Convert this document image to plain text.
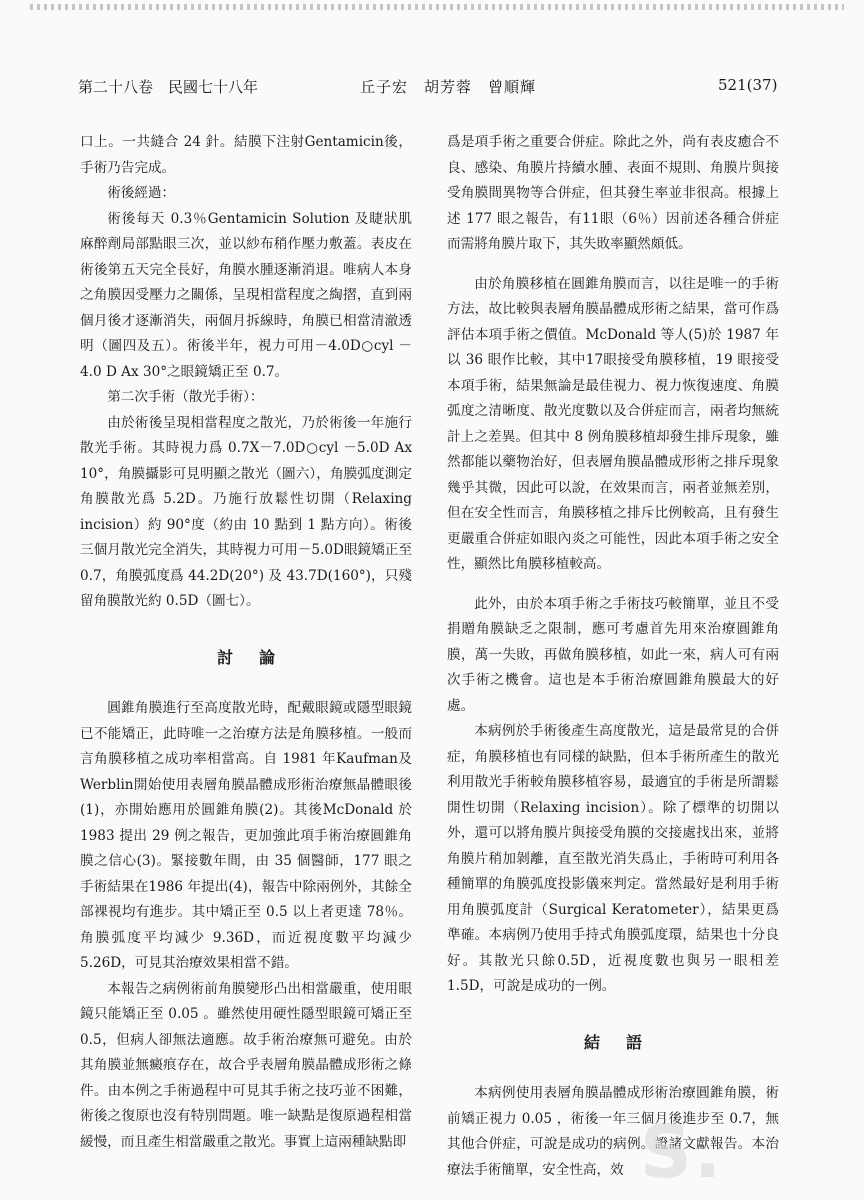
第二十八卷　民國七十八年	丘子宏　胡芳蓉　曾順輝	521(37)

口上。一共縫合 24 針。結膜下注射Gentamicin後，手術乃告完成。

術後經過：

術後每天 0.3％Gentamicin Solution 及睫狀肌麻醉劑局部點眼三次，並以紗布稍作壓力敷蓋。表皮在術後第五天完全長好，角膜水腫逐漸消退。唯病人本身之角膜因受壓力之關係，呈現相當程度之綯摺，直到兩個月後才逐漸消失，兩個月拆線時，角膜已相當清澈透明（圖四及五）。術後半年，視力可用－4.0D○cyl －4.0 D Ax 30°之眼鏡矯正至 0.7。

第二次手術（散光手術）：

由於術後呈現相當程度之散光，乃於術後一年施行散光手術。其時視力爲 0.7X－7.0D○cyl －5.0D Ax 10°，角膜攝影可見明顯之散光（圖六），角膜弧度測定角膜散光爲 5.2D。乃施行放鬆性切開（Relaxing incision）約 90°度（約由 10 點到 1 點方向）。術後三個月散光完全消失，其時視力可用－5.0D眼鏡矯正至 0.7，角膜弧度爲 44.2D(20°) 及 43.7D(160°)，只殘留角膜散光約 0.5D（圖七）。

討論

圓錐角膜進行至高度散光時，配戴眼鏡或隱型眼鏡已不能矯正，此時唯一之治療方法是角膜移植。一般而言角膜移植之成功率相當高。自 1981 年Kaufman及Werblin開始使用表層角膜晶體成形術治療無晶體眼後(1)，亦開始應用於圓錐角膜(2)。其後McDonald 於 1983 提出 29 例之報告，更加強此項手術治療圓錐角膜之信心(3)。緊接數年間，由 35 個醫師，177 眼之手術結果在1986 年提出(4)，報告中除兩例外，其餘全部裸視均有進步。其中矯正至 0.5 以上者更達 78％。角膜弧度平均減少 9.36D，而近視度數平均減少 5.26D，可見其治療效果相當不錯。

本報告之病例術前角膜變形凸出相當嚴重，使用眼鏡只能矯正至 0.05 。雖然使用硬性隱型眼鏡可矯正至 0.5，但病人卻無法適應。故手術治療無可避免。由於其角膜並無癜痕存在，故合乎表層角膜晶體成形術之條件。由本例之手術過程中可見其手術之技巧並不困難，術後之復原也沒有特別問題。唯一缺點是復原過程相當緩慢，而且產生相當嚴重之散光。事實上這兩種缺點即

爲是項手術之重要合併症。除此之外，尚有表皮癒合不良、感染、角膜片持續水腫、表面不規則、角膜片與接受角膜間異物等合併症，但其發生率並非很高。根據上述 177 眼之報告，有11眼（6％）因前述各種合併症而需將角膜片取下，其失敗率顯然頗低。

由於角膜移植在圓錐角膜而言，以往是唯一的手術方法，故比較與表層角膜晶體成形術之結果，當可作爲評估本項手術之價值。McDonald 等人(5)於 1987 年以 36 眼作比較，其中17眼接受角膜移植，19 眼接受本項手術，結果無論是最佳視力、視力恢復速度、角膜弧度之清晰度、散光度數以及合併症而言，兩者均無統計上之差異。但其中 8 例角膜移植却發生排斥現象，雖然都能以藥物治好，但表層角膜晶體成形術之排斥現象幾乎其微，因此可以說，在效果而言，兩者並無差別，但在安全性而言，角膜移植之排斥比例較高，且有發生更嚴重合併症如眼內炎之可能性，因此本項手術之安全性，顯然比角膜移植較高。

此外，由於本項手術之手術技巧較簡單，並且不受捐贈角膜缺乏之限制，應可考慮首先用來治療圓錐角膜，萬一失敗，再做角膜移植，如此一來，病人可有兩次手術之機會。這也是本手術治療圓錐角膜最大的好處。

本病例於手術後產生高度散光，這是最常見的合併症，角膜移植也有同樣的缺點，但本手術所產生的散光利用散光手術較角膜移植容易，最適宜的手術是所謂鬆開性切開（Relaxing incision）。除了標準的切開以外，還可以將角膜片與接受角膜的交接處找出來，並將角膜片稍加剝離，直至散光消失爲止，手術時可利用各種簡單的角膜弧度投影儀來判定。當然最好是利用手術用角膜弧度計（Surgical Keratometer），結果更爲準確。本病例乃使用手持式角膜弧度環，結果也十分良好。其散光只餘0.5D，近視度數也與另一眼相差 1.5D，可說是成功的一例。

結語

本病例使用表層角膜晶體成形術治療圓錐角膜，術前矯正視力 0.05 ，術後一年三個月後進步至 0.7，無其他合併症，可說是成功的病例。證諸文獻報告。本治療法手術簡單，安全性高，效 S.
